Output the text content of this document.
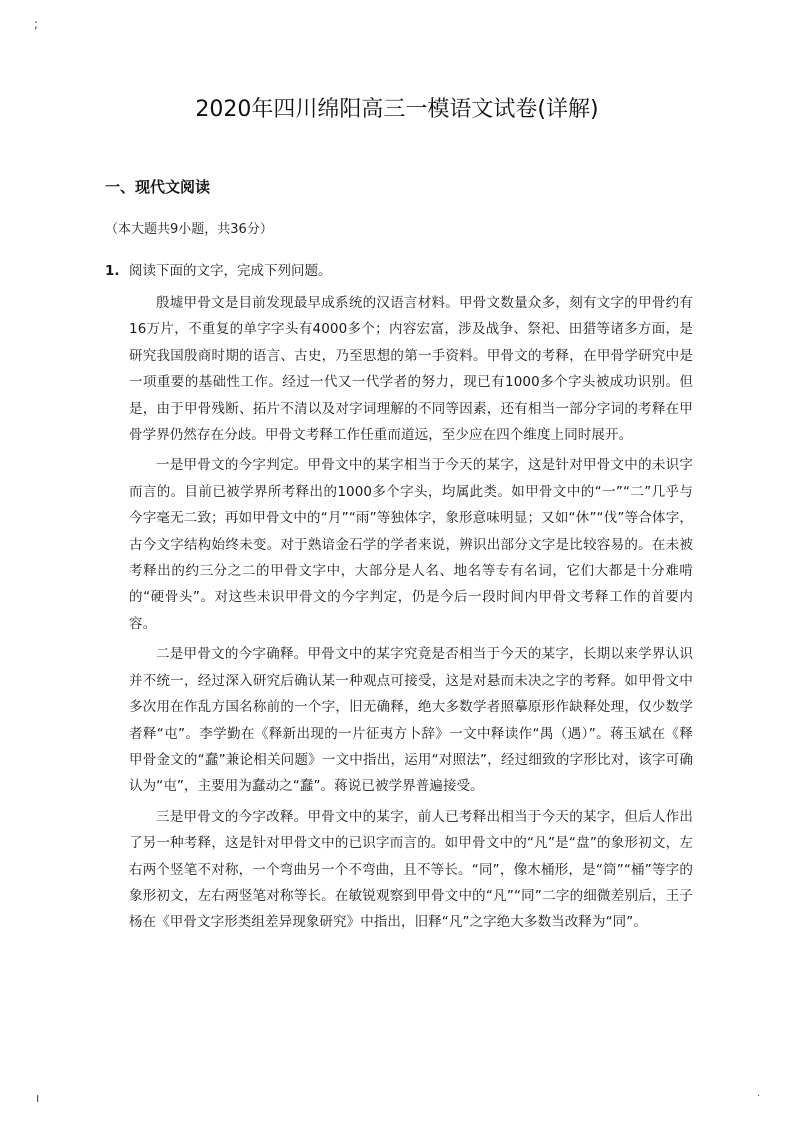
;
2020年四川绵阳高三一模语文试卷(详解)
一、现代文阅读

（本大题共9小题，共36分）

1. 阅读下面的文字，完成下列问题。

殷墟甲骨文是目前发现最早成系统的汉语言材料。甲骨文数量众多，刻有文字的甲骨约有16万片，不重复的单字字头有4000多个；内容宏富，涉及战争、祭祀、田猎等诸多方面，是研究我国殷商时期的语言、古史，乃至思想的第一手资料。甲骨文的考释，在甲骨学研究中是一项重要的基础性工作。经过一代又一代学者的努力，现已有1000多个字头被成功识别。但是，由于甲骨残断、拓片不清以及对字词理解的不同等因素，还有相当一部分字词的考释在甲骨学界仍然存在分歧。甲骨文考释工作任重而道远，至少应在四个维度上同时展开。

一是甲骨文的今字判定。甲骨文中的某字相当于今天的某字，这是针对甲骨文中的未识字而言的。目前已被学界所考释出的1000多个字头，均属此类。如甲骨文中的“一”“二”几乎与今字毫无二致；再如甲骨文中的“月”“雨”等独体字，象形意味明显；又如“休”“伐”等合体字，古今文字结构始终未变。对于熟谙金石学的学者来说，辨识出部分文字是比较容易的。在未被考释出的约三分之二的甲骨文字中，大部分是人名、地名等专有名词，它们大都是十分难啃的“硬骨头”。对这些未识甲骨文的今字判定，仍是今后一段时间内甲骨文考释工作的首要内容。

二是甲骨文的今字确释。甲骨文中的某字究竟是否相当于今天的某字，长期以来学界认识并不统一，经过深入研究后确认某一种观点可接受，这是对悬而未决之字的考释。如甲骨文中多次用在作乱方国名称前的一个字，旧无确释，绝大多数学者照摹原形作缺释处理，仅少数学者释“屯”。李学勤在《释新出现的一片征夷方卜辞》一文中释读作“禺（遇）”。蒋玉斌在《释甲骨金文的“蠢”兼论相关问题》一文中指出，运用“对照法”，经过细致的字形比对，该字可确认为“屯”，主要用为蠢动之“蠢”。蒋说已被学界普遍接受。

三是甲骨文的今字改释。甲骨文中的某字，前人已考释出相当于今天的某字，但后人作出了另一种考释，这是针对甲骨文中的已识字而言的。如甲骨文中的“凡”是“盘”的象形初文，左右两个竖笔不对称，一个弯曲另一个不弯曲，且不等长。“同”，像木桶形，是“筒”“桶”等字的象形初文，左右两竖笔对称等长。在敏锐观察到甲骨文中的“凡”“同”二字的细微差别后，王子杨在《甲骨文字形类组差异现象研究》中指出，旧释“凡”之字绝大多数当改释为“同”。

ı	·
